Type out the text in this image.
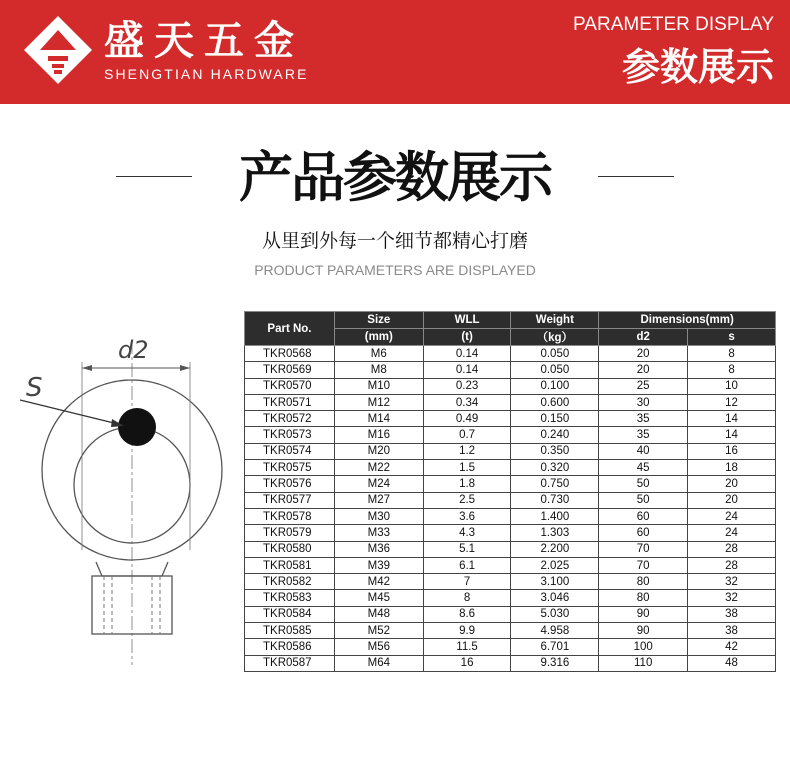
盛天五金
SHENGTIAN HARDWARE
PARAMETER DISPLAY
参数展示
产品参数展示
从里到外每一个细节都精心打磨
PRODUCT PARAMETERS ARE DISPLAYED
d2
S
Part No.	Size	WLL	Weight	Dimensions(mm)	
	(mm)	(t)	（kg）	d2	s
TKR0568	M6	0.14	0.050	20	8
TKR0569	M8	0.14	0.050	20	8
TKR0570	M10	0.23	0.100	25	10
TKR0571	M12	0.34	0.600	30	12
TKR0572	M14	0.49	0.150	35	14
TKR0573	M16	0.7	0.240	35	14
TKR0574	M20	1.2	0.350	40	16
TKR0575	M22	1.5	0.320	45	18
TKR0576	M24	1.8	0.750	50	20
TKR0577	M27	2.5	0.730	50	20
TKR0578	M30	3.6	1.400	60	24
TKR0579	M33	4.3	1.303	60	24
TKR0580	M36	5.1	2.200	70	28
TKR0581	M39	6.1	2.025	70	28
TKR0582	M42	7	3.100	80	32
TKR0583	M45	8	3.046	80	32
TKR0584	M48	8.6	5.030	90	38
TKR0585	M52	9.9	4.958	90	38
TKR0586	M56	11.5	6.701	100	42
TKR0587	M64	16	9.316	110	48
